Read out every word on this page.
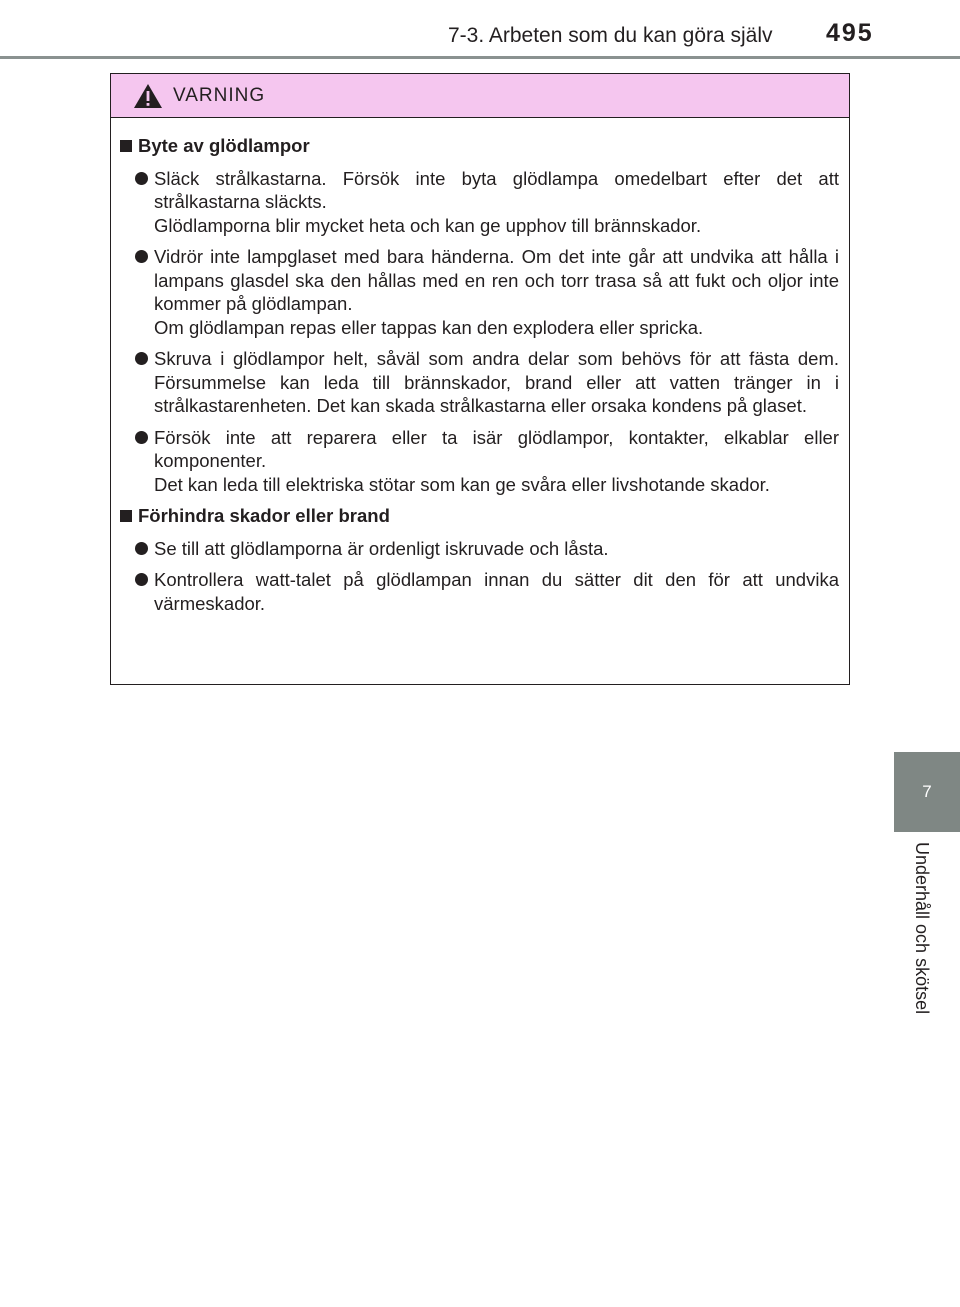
7-3. Arbeten som du kan göra själv 495
7
Underhåll och skötsel
VARNING
Byte av glödlampor

Släck strålkastarna. Försök inte byta glödlampa omedelbart efter det att strålkastarna släckts.

Glödlamporna blir mycket heta och kan ge upphov till brännskador.

Vidrör inte lampglaset med bara händerna. Om det inte går att undvika att hålla i lampans glasdel ska den hållas med en ren och torr trasa så att fukt och oljor inte kommer på glödlampan.

Om glödlampan repas eller tappas kan den explodera eller spricka.

Skruva i glödlampor helt, såväl som andra delar som behövs för att fästa dem. Försummelse kan leda till brännskador, brand eller att vatten tränger in i strålkastarenheten. Det kan skada strålkastarna eller orsaka kondens på glaset.

Försök inte att reparera eller ta isär glödlampor, kontakter, elkablar eller komponenter.

Det kan leda till elektriska stötar som kan ge svåra eller livshotande skador.

Förhindra skador eller brand

Se till att glödlamporna är ordenligt iskruvade och låsta.

Kontrollera watt-talet på glödlampan innan du sätter dit den för att undvika värmeskador.
